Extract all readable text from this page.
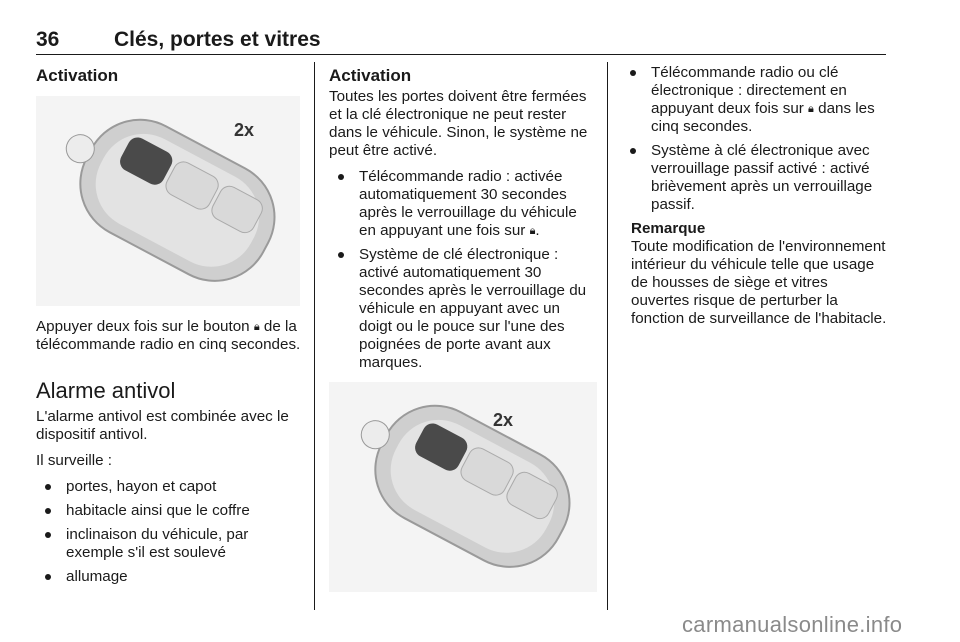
36	Clés, portes et vitres
Activation
2x

Appuyer deux fois sur le bouton 🔒︎ de la télécommande radio en cinq secondes.

Alarme antivol

L'alarme antivol est combinée avec le dispositif antivol.

Il surveille :

portes, hayon et capot
habitacle ainsi que le coffre
inclinaison du véhicule, par exemple s'il est soulevé
allumage
Activation

Toutes les portes doivent être fermées et la clé électronique ne peut rester dans le véhicule. Sinon, le système ne peut être activé.

Télécommande radio : activée automatiquement 30 secondes après le verrouillage du véhicule en appuyant une fois sur 🔒︎.
Système de clé électronique : activé automatiquement 30 secondes après le verrouillage du véhicule en appuyant avec un doigt ou le pouce sur l'une des poignées de porte avant aux marques.
2x
Télécommande radio ou clé électronique : directement en appuyant deux fois sur 🔒︎ dans les cinq secondes.
Système à clé électronique avec verrouillage passif activé : activé brièvement après un verrouillage passif.
Remarque
Toute modification de l'environnement intérieur du véhicule telle que usage de housses de siège et vitres ouvertes risque de perturber la fonction de surveillance de l'habitacle.
carmanualsonline.info
